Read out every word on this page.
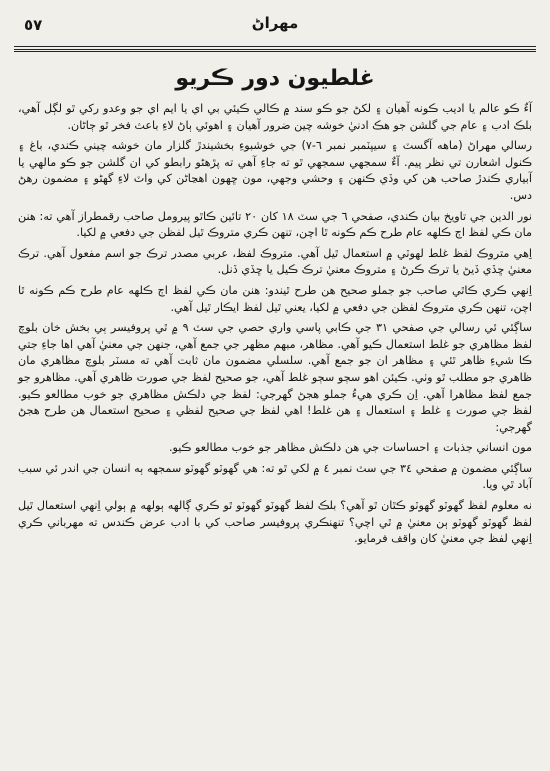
٥٧	مهراڻ
غلطيون دور ڪريو

آءٌ ڪو عالم يا اديب ڪونه آهيان ۽ لکڻ جو ڪو سند ۾ ڪالي ڪيئي بي اي يا ايم اي جو وعدو رکي ٿو لڳل آهي، بلڪ ادب ۽ عام جي گلشن جو هڪ ادنيٰ خوشه چين ضرور آهيان ۽ اهوئي ٻاڻ لاءِ باعث فخر ٿو ڄاڻان.

رسالي مهراڻ (ماهه آگسٽ ۽ سيپٽمبر نمبر ٦-٧) جي خوشبوءِ بخشيندڙ گلزار مان خوشه چيني ڪندي، باغ ۽ ڪنول اشعارن تي نظر پيم. آءٌ سمجهي سمجهي ٿو ته جاءِ آهي ته پڙهڻو رابطو کي ان گلشن جو ڪو مالهي يا آبياري ڪندڙ صاحب هن کي وڏي ڪنهن ۽ وحشي وجهي، مون ڇهون اهڃاڻن کي واٽ لاءِ گهڻو ۽ مضمون رهڻ دس.

نور الدين جي تاويخ بيان ڪندي، صفحي ٦ جي سٽ ١٨ کان ٢٠ تائين ڪاٿو پيرومل صاحب رقمطراز آهي ته: هنن مان ڪي لفظ اڄ ڪلهه عام طرح ڪم ڪونه ٿا اچن، تنهن ڪري متروڪ ٿيل لفظن جي دفعي ۾ لکيا.

اِهي متروڪ لفظ غلط لهوٽي ۾ استعمال ٿيل آهي. متروڪ لفظ، عربي مصدر ترڪ جو اسم مفعول آهي. ترڪ معنيٰ ڇڏي ڏيڻ يا ترڪ ڪرڻ ۽ متروڪ معنيٰ ترڪ ڪيل يا ڇڏي ڏنل.

اِنهي ڪري ڪاٿي صاحب جو جملو صحيح هن طرح ٿيندو: هنن مان ڪي لفظ اڄ ڪلهه عام طرح ڪم ڪونه ٿا اچن، تنهن ڪري متروڪ لفظن جي دفعي ۾ لکيا، يعني ٿيل لفظ ايڪار ٿيل آهي.

ساڳئي ئي رسالي جي صفحي ٣١ جي ڪابي پاسي واري حصي جي سٽ ٩ ۾ ٿي پروفيسر ٻي بخش خان بلوچ لفظ مظاهري جو غلط استعمال ڪيو آهي. مظاهر، مبهم مظهر جي جمع آهي، جنهن جي معنيٰ آهي اها جاءِ جتي ڪا شيءِ ظاهر ٿئي ۽ مظاهر ان جو جمع آهي. سلسلي مضمون مان ثابت آهي ته مسٽر بلوچ مظاهري مان ظاهري جو مطلب ٿو وٺي. ڪيئن اهو سڄو سڄو غلط آهي، جو صحيح لفظ جي صورت ظاهري آهي. مظاهرو جو جمع لفظ مظاهرا آهي. اِن ڪري هيءُ جملو هجڻ گهرجي: لفظ جي دلڪش مظاهري جو خوب مطالعو ڪيو. لفظ جي صورت ۽ غلط ۽ استعمال ۽ هن غلط! اهي لفظ جي صحيح لفظي ۽ صحيح استعمال هن طرح هجڻ گهرجي:

مون انساني جذبات ۽ احساسات جي هن دلڪش مظاهر جو خوب مطالعو ڪيو.

ساڳئي مضمون ۾ صفحي ٣٤ جي سٽ نمبر ٤ ۾ لکي ٿو ته: هي گهوٽو گهوٽو سمجهه ٻه انسان جي اندر ئي سبب آباد ٿي ويا.

نه معلوم لفظ گهوٽو گهوٽو ڪٿان ٿو آهي؟ بلڪ لفظ گهوٽو گهوٽو ٿو ڪري ڳالهه ٻولهه ۾ ٻولي اِنهي استعمال ٿيل لفظ گهوٽو گهوٽو ٻن معنيٰ ۾ ٿي اچي؟ تنهنڪري پروفيسر صاحب کي با ادب عرض ڪندس ته مهرباني ڪري اِنهي لفظ جي معنيٰ کان واقف فرمايو.
